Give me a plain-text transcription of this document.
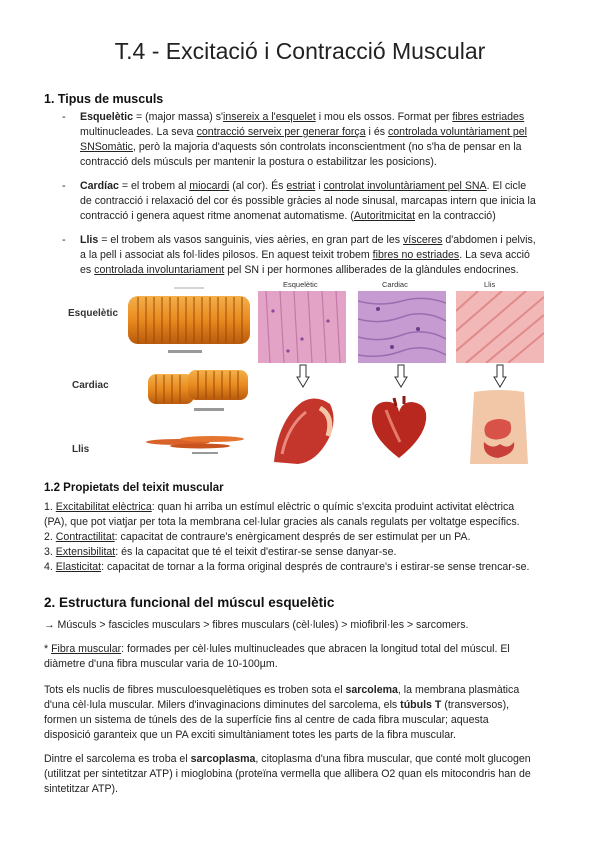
T.4 - Excitació i Contracció Muscular
1. Tipus de musculs
- Esquelètic = (major massa) s'insereix a l'esquelet i mou els ossos. Format per fibres estriades
multinucleades. La seva contracció serveix per generar força i és controlada voluntàriament pel
SNSomàtic, però la majoria d'aquests són controlats inconscientment (no s'ha de pensar en la
contracció dels músculs per mantenir la postura o estabilitzar les posicions).
- Cardíac = el trobem al miocardi (al cor). És estriat i controlat involuntàriament pel SNA. El cicle
de contracció i relaxació del cor és possible gràcies al node sinusal, marcapas intern que inicia la
contracció i genera aquest ritme anomenat automatisme. (Autoritmicitat en la contracció)
- Llis = el trobem als vasos sanguinis, vies aèries, en gran part de les vísceres d'abdomen i pelvis,
a la pell i associat als fol·lides pilosos. En aquest teixit trobem fibres no estriades. La seva acció
es controlada involuntariament pel SN i per hormones alliberades de la glàndules endocrines.
Esquelètic
Cardiac
Llis
Esquelètic	Cardiac	Llis
1.2 Propietats del teixit muscular
1. Excitabilitat elèctrica: quan hi arriba un estímul elèctric o químic s'excita produint activitat elèctrica
(PA), que pot viatjar per tota la membrana cel·lular gracies als canals regulats per voltatge específics.
2. Contractilitat: capacitat de contraure's enèrgicament després de ser estimulat per un PA.
3. Extensibilitat: és la capacitat que té el teixit d'estirar-se sense danyar-se.
4. Elasticitat: capacitat de tornar a la forma original després de contraure's i estirar-se sense trencar-se.
2. Estructura funcional del múscul esquelètic
→ Músculs > fascicles musculars > fibres musculars (cèl·lules) > miofibril·les > sarcomers.
* Fibra muscular: formades per cèl·lules multinucleades que abracen la longitud total del múscul. El
diàmetre d'una fibra muscular varia de 10-100µm.
Tots els nuclis de fibres musculoesquelètiques es troben sota el sarcolema, la membrana plasmàtica
d'una cèl·lula muscular. Milers d'invaginacions diminutes del sarcolema, els túbuls T (transversos),
formen un sistema de túnels des de la superfície fins al centre de cada fibra muscular; aquesta
disposició garanteix que un PA exciti simultàniament totes les parts de la fibra muscular.
Dintre el sarcolema es troba el sarcoplasma, citoplasma d'una fibra muscular, que conté molt glucogen
(utilitzat per sintetitzar ATP) i mioglobina (proteïna vermella que allibera O2 quan els mitocondris han de
sintetitzar ATP).
